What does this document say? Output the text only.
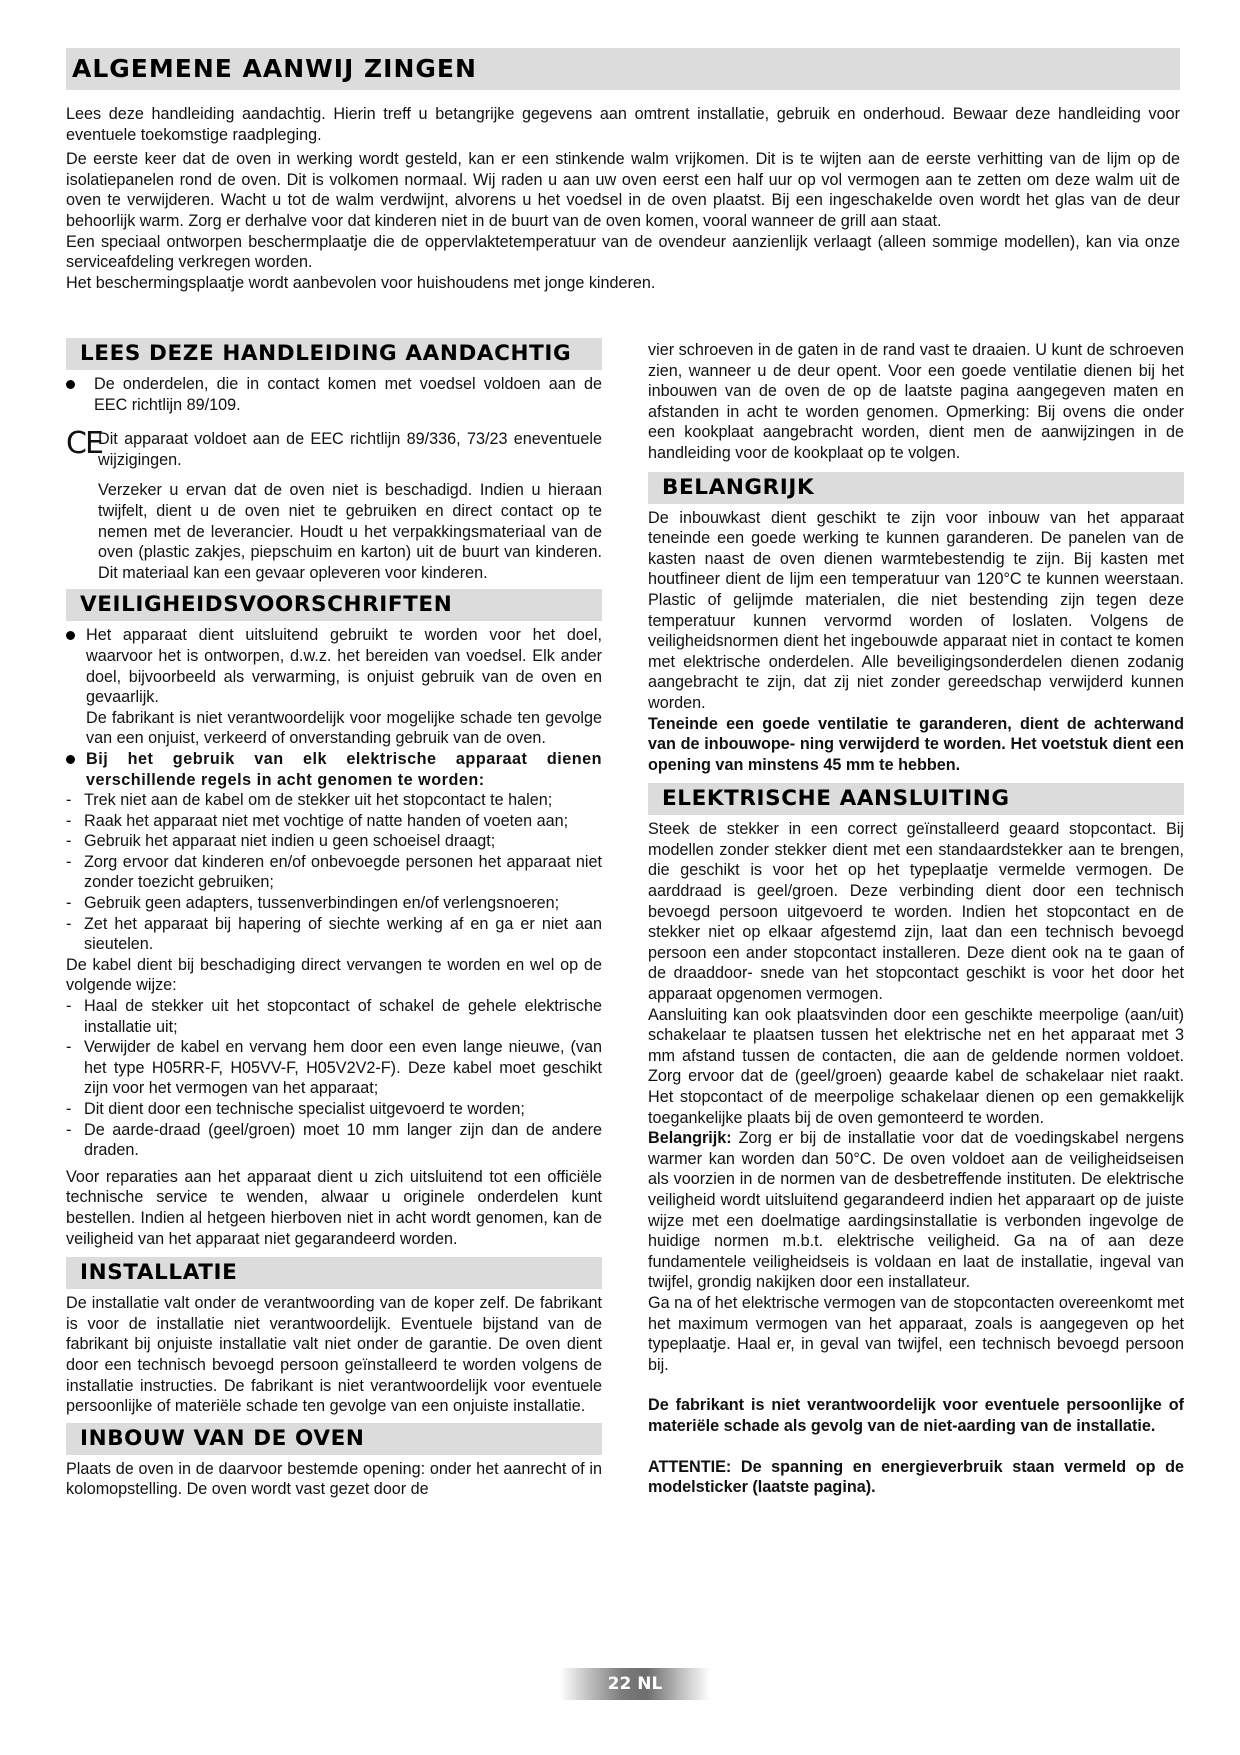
ALGEMENE AANWIJ ZINGEN

Lees deze handleiding aandachtig. Hierin treff u betangrijke gegevens aan omtrent installatie, gebruik en onderhoud. Bewaar deze handleiding voor eventuele toekomstige raadpleging.

De eerste keer dat de oven in werking wordt gesteld, kan er een stinkende walm vrijkomen. Dit is te wijten aan de eerste verhitting van de lijm op de isolatiepanelen rond de oven. Dit is volkomen normaal. Wij raden u aan uw oven eerst een half uur op vol vermogen aan te zetten om deze walm uit de oven te verwijderen. Wacht u tot de walm verdwijnt, alvorens u het voedsel in de oven plaatst. Bij een ingeschakelde oven wordt het glas van de deur behoorlijk warm. Zorg er derhalve voor dat kinderen niet in de buurt van de oven komen, vooral wanneer de grill aan staat.

Een speciaal ontworpen beschermplaatje die de oppervlaktetemperatuur van de ovendeur aanzienlijk verlaagt (alleen sommige modellen), kan via onze serviceafdeling verkregen worden.

Het beschermingsplaatje wordt aanbevolen voor huishoudens met jonge kinderen.

LEES DEZE HANDLEIDING AANDACHTIG
De onderdelen, die in contact komen met voedsel voldoen aan de EEC richtlijn 89/109.
CE
Dit apparaat voldoet aan de EEC richtlijn 89/336, 73/23 eneventuele wijzigingen.

Verzeker u ervan dat de oven niet is beschadigd. Indien u hieraan twijfelt, dient u de oven niet te gebruiken en direct contact op te nemen met de leverancier. Houdt u het verpakkingsmateriaal van de oven (plastic zakjes, piepschuim en karton) uit de buurt van kinderen. Dit materiaal kan een gevaar opleveren voor kinderen.

VEILIGHEIDSVOORSCHRIFTEN
Het apparaat dient uitsluitend gebruikt te worden voor het doel, waarvoor het is ontworpen, d.w.z. het bereiden van voedsel. Elk ander doel, bijvoorbeeld als verwarming, is onjuist gebruik van de oven en gevaarlijk.
De fabrikant is niet verantwoordelijk voor mogelijke schade ten gevolge van een onjuist, verkeerd of onverstanding gebruik van de oven.
Bij het gebruik van elk elektrische apparaat dienen verschillende regels in acht genomen te worden:
- Trek niet aan de kabel om de stekker uit het stopcontact te halen;
- Raak het apparaat niet met vochtige of natte handen of voeten aan;
- Gebruik het apparaat niet indien u geen schoeisel draagt;
- Zorg ervoor dat kinderen en/of onbevoegde personen het apparaat niet zonder toezicht gebruiken;
- Gebruik geen adapters, tussenverbindingen en/of verlengsnoeren;
- Zet het apparaat bij hapering of siechte werking af en ga er niet aan sieutelen.

De kabel dient bij beschadiging direct vervangen te worden en wel op de volgende wijze:

- Haal de stekker uit het stopcontact of schakel de gehele elektrische installatie uit;
- Verwijder de kabel en vervang hem door een even lange nieuwe, (van het type H05RR-F, H05VV-F, H05V2V2-F). Deze kabel moet geschikt zijn voor het vermogen van het apparaat;
- Dit dient door een technische specialist uitgevoerd te worden;
- De aarde-draad (geel/groen) moet 10 mm langer zijn dan de andere draden.

Voor reparaties aan het apparaat dient u zich uitsluitend tot een officiële technische service te wenden, alwaar u originele onderdelen kunt bestellen. Indien al hetgeen hierboven niet in acht wordt genomen, kan de veiligheid van het apparaat niet gegarandeerd worden.

INSTALLATIE

De installatie valt onder de verantwoording van de koper zelf. De fabrikant is voor de installatie niet verantwoordelijk. Eventuele bijstand van de fabrikant bij onjuiste installatie valt niet onder de garantie. De oven dient door een technisch bevoegd persoon geïnstalleerd te worden volgens de installatie instructies. De fabrikant is niet verantwoordelijk voor eventuele persoonlijke of materiële schade ten gevolge van een onjuiste installatie.

INBOUW VAN DE OVEN

Plaats de oven in de daarvoor bestemde opening: onder het aanrecht of in kolomopstelling. De oven wordt vast gezet door de

vier schroeven in de gaten in de rand vast te draaien. U kunt de schroeven zien, wanneer u de deur opent. Voor een goede ventilatie dienen bij het inbouwen van de oven de op de laatste pagina aangegeven maten en afstanden in acht te worden genomen. Opmerking: Bij ovens die onder een kookplaat aangebracht worden, dient men de aanwijzingen in de handleiding voor de kookplaat op te volgen.

BELANGRIJK

De inbouwkast dient geschikt te zijn voor inbouw van het apparaat teneinde een goede werking te kunnen garanderen. De panelen van de kasten naast de oven dienen warmtebestendig te zijn. Bij kasten met houtfineer dient de lijm een temperatuur van 120°C te kunnen weerstaan. Plastic of gelijmde materialen, die niet bestending zijn tegen deze temperatuur kunnen vervormd worden of loslaten. Volgens de veiligheidsnormen dient het ingebouwde apparaat niet in contact te komen met elektrische onderdelen. Alle beveiligingsonderdelen dienen zodanig aangebracht te zijn, dat zij niet zonder gereedschap verwijderd kunnen worden.

Teneinde een goede ventilatie te garanderen, dient de achterwand van de inbouwope- ning verwijderd te worden. Het voetstuk dient een opening van minstens 45 mm te hebben.

ELEKTRISCHE AANSLUITING

Steek de stekker in een correct geïnstalleerd geaard stopcontact. Bij modellen zonder stekker dient met een standaardstekker aan te brengen, die geschikt is voor het op het typeplaatje vermelde vermogen. De aarddraad is geel/groen. Deze verbinding dient door een technisch bevoegd persoon uitgevoerd te worden. Indien het stopcontact en de stekker niet op elkaar afgestemd zijn, laat dan een technisch bevoegd persoon een ander stopcontact installeren. Deze dient ook na te gaan of de draaddoor- snede van het stopcontact geschikt is voor het door het apparaat opgenomen vermogen.

Aansluiting kan ook plaatsvinden door een geschikte meerpolige (aan/uit) schakelaar te plaatsen tussen het elektrische net en het apparaat met 3 mm afstand tussen de contacten, die aan de geldende normen voldoet. Zorg ervoor dat de (geel/groen) geaarde kabel de schakelaar niet raakt. Het stopcontact of de meerpolige schakelaar dienen op een gemakkelijk toegankelijke plaats bij de oven gemonteerd te worden.

Belangrijk: Zorg er bij de installatie voor dat de voedingskabel nergens warmer kan worden dan 50°C. De oven voldoet aan de veiligheidseisen als voorzien in de normen van de desbetreffende instituten. De elektrische veiligheid wordt uitsluitend gegarandeerd indien het apparaart op de juiste wijze met een doelmatige aardingsinstallatie is verbonden ingevolge de huidige normen m.b.t. elektrische veiligheid. Ga na of aan deze fundamentele veiligheidseis is voldaan en laat de installatie, ingeval van twijfel, grondig nakijken door een installateur.

Ga na of het elektrische vermogen van de stopcontacten overeenkomt met het maximum vermogen van het apparaat, zoals is aangegeven op het typeplaatje. Haal er, in geval van twijfel, een technisch bevoegd persoon bij.

De fabrikant is niet verantwoordelijk voor eventuele persoonlijke of materiële schade als gevolg van de niet-aarding van de installatie.

ATTENTIE: De spanning en energieverbruik staan vermeld op de modelsticker (laatste pagina).

22 NL
